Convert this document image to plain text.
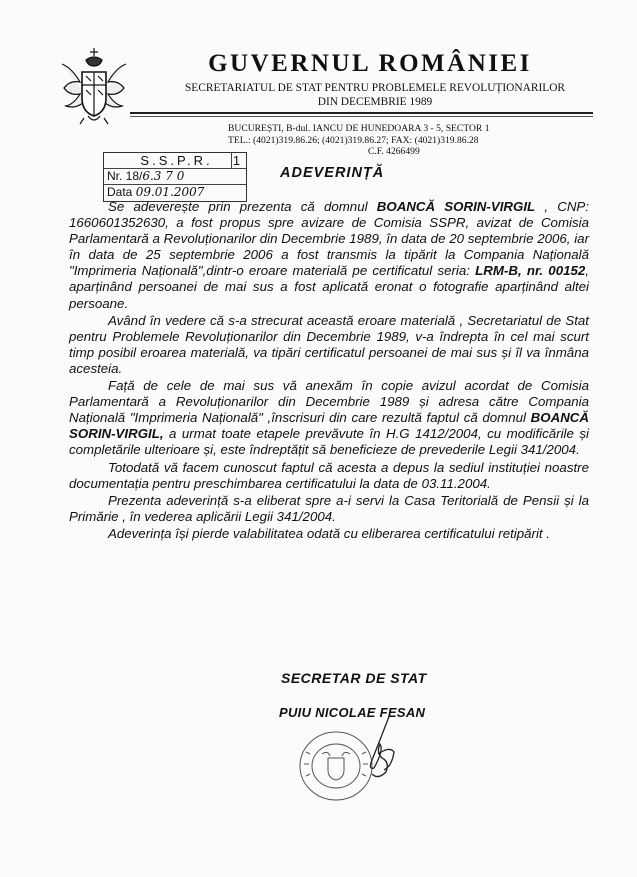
GUVERNUL ROMÂNIEI
SECRETARIATUL DE STAT PENTRU PROBLEMELE REVOLUȚIONARILOR
DIN DECEMBRIE 1989
BUCUREȘTI, B-dul. IANCU DE HUNEDOARA 3 - 5, SECTOR 1
TEL.: (4021)319.86.26; (4021)319.86.27; FAX: (4021)319.86.28
C.F. 4266499
S.S.P.R. 1
Nr. 18/6.3 7 0
Data 09.01.2007
ADEVERINȚĂ

Se adeverește prin prezenta că domnul BOANCĂ SORIN-VIRGIL , CNP: 1660601352630, a fost propus spre avizare de Comisia SSPR, avizat de Comisia Parlamentară a Revoluționarilor din Decembrie 1989, în data de 20 septembrie 2006, iar în data de 25 septembrie 2006 a fost transmis la tipărit la Compania Națională "Imprimeria Națională",dintr-o eroare materială pe certificatul seria: LRM-B, nr. 00152, aparținând persoanei de mai sus a fost aplicată eronat o fotografie aparținând altei persoane.

Având în vedere că s-a strecurat această eroare materială , Secretariatul de Stat pentru Problemele Revoluționarilor din Decembrie 1989, v-a îndrepta în cel mai scurt timp posibil eroarea materială, va tipări certificatul persoanei de mai sus și îl va înmâna acesteia.

Față de cele de mai sus vă anexăm în copie avizul acordat de Comisia Parlamentară a Revoluționarilor din Decembrie 1989 și adresa către Compania Națională "Imprimeria Națională" ,înscrisuri din care rezultă faptul că domnul BOANCĂ SORIN-VIRGIL, a urmat toate etapele prevăvute în H.G 1412/2004, cu modificările și completările ulterioare și, este îndreptățit să beneficieze de prevederile Legii 341/2004.

Totodată vă facem cunoscut faptul că acesta a depus la sediul instituției noastre documentația pentru preschimbarea certificatului la data de 03.11.2004.

Prezenta adeverință s-a eliberat spre a-i servi la Casa Teritorială de Pensii și la Primărie , în vederea aplicării Legii 341/2004.

Adeverința își pierde valabilitatea odată cu eliberarea certificatului retipărit .

SECRETAR DE STAT
PUIU NICOLAE FESAN
